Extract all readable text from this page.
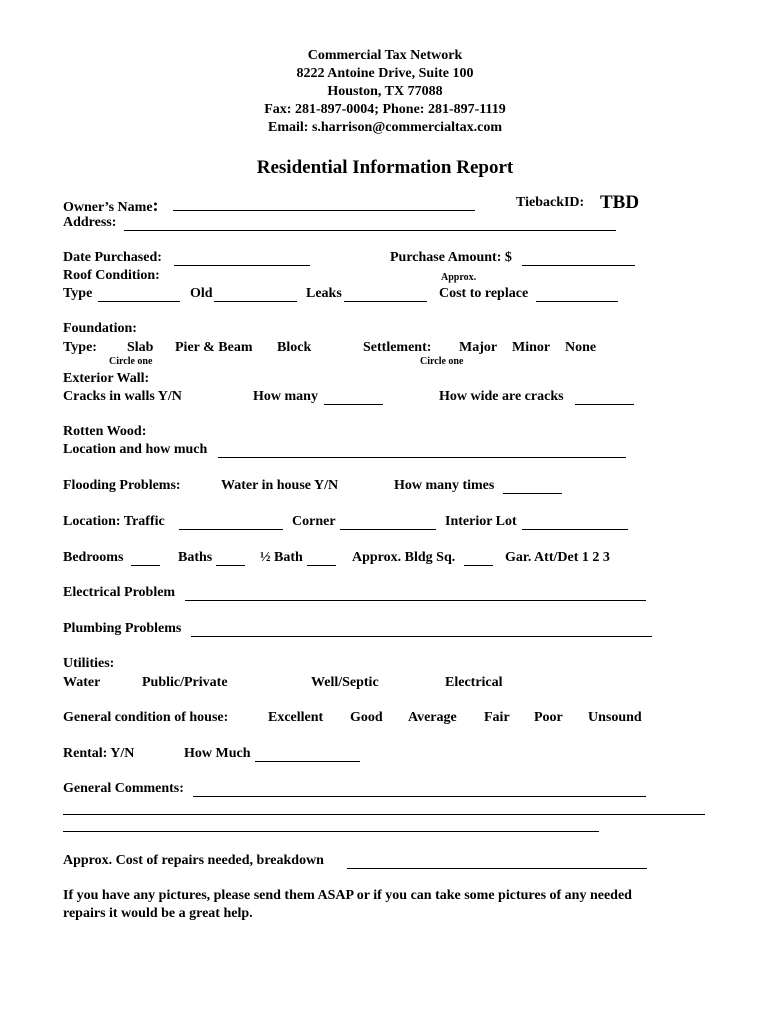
Commercial Tax Network
8222 Antoine Drive, Suite 100
Houston, TX 77088
Fax: 281-897-0004; Phone: 281-897-1119
Email: s.harrison@commercialtax.com
Residential Information Report
Owner’s Name:	TiebackID: TBD
Address:
Date Purchased:	Purchase Amount: $
Roof Condition:	Approx.
Type	Old	Leaks	Cost to replace
Foundation:
Type: Slab Pier & Beam Block
Circle one
Settlement: Major Minor None
Circle one
Exterior Wall:
Cracks in walls Y/N	How many	How wide are cracks
Rotten Wood:
Location and how much
Flooding Problems:	Water in house Y/N	How many times
Location: Traffic	Corner	Interior Lot
Bedrooms	Baths	½ Bath	Approx. Bldg Sq.	Gar. Att/Det 1 2 3
Electrical Problem
Plumbing Problems
Utilities:
Water	Public/Private	Well/Septic	Electrical
General condition of house:	Excellent Good Average Fair Poor Unsound
Rental: Y/N	How Much
General Comments:
Approx. Cost of repairs needed, breakdown
If you have any pictures, please send them ASAP or if you can take some pictures of any needed
repairs it would be a great help.
